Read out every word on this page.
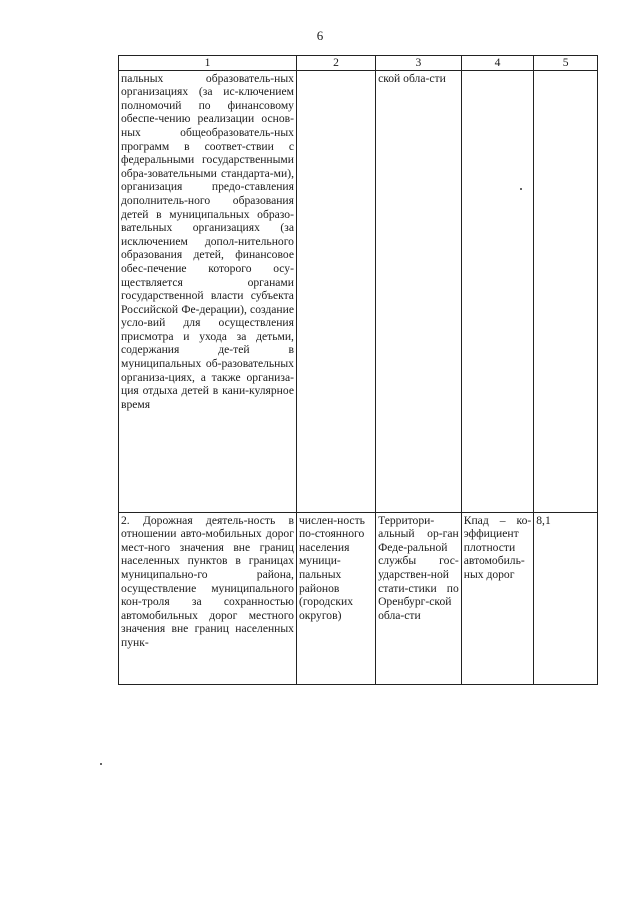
6
1	2	3	4	5
пальных образователь-ных организациях (за ис-ключением полномочий по финансовому обеспе-чению реализации основ-ных общеобразователь-ных программ в соответ-ствии с федеральными государственными обра-зовательными стандарта-ми), организация предо-ставления дополнитель-ного образования детей в муниципальных образо-вательных организациях (за исключением допол-нительного образования детей, финансовое обес-печение которого осу-ществляется органами государственной власти субъекта Российской Фе-дерации), создание усло-вий для осуществления присмотра и ухода за детьми, содержания де-тей в муниципальных об-разовательных организа-циях, а также организа-ция отдыха детей в кани-кулярное время		ской обла-сти		
2. Дорожная деятель-ность в отношении авто-мобильных дорог мест-ного значения вне границ населенных пунктов в границах муниципально-го района, осуществление муниципального кон-троля за сохранностью автомобильных дорог местного значения вне границ населенных пунк-	числен-ность по-стоянного населения муници-пальных районов (городских округов)	Территори-альный ор-ган Феде-ральной службы гос-ударствен-ной стати-стики по Оренбург-ской обла-сти	Кпад – ко-эффициент плотности автомобиль-ных дорог	8,1
